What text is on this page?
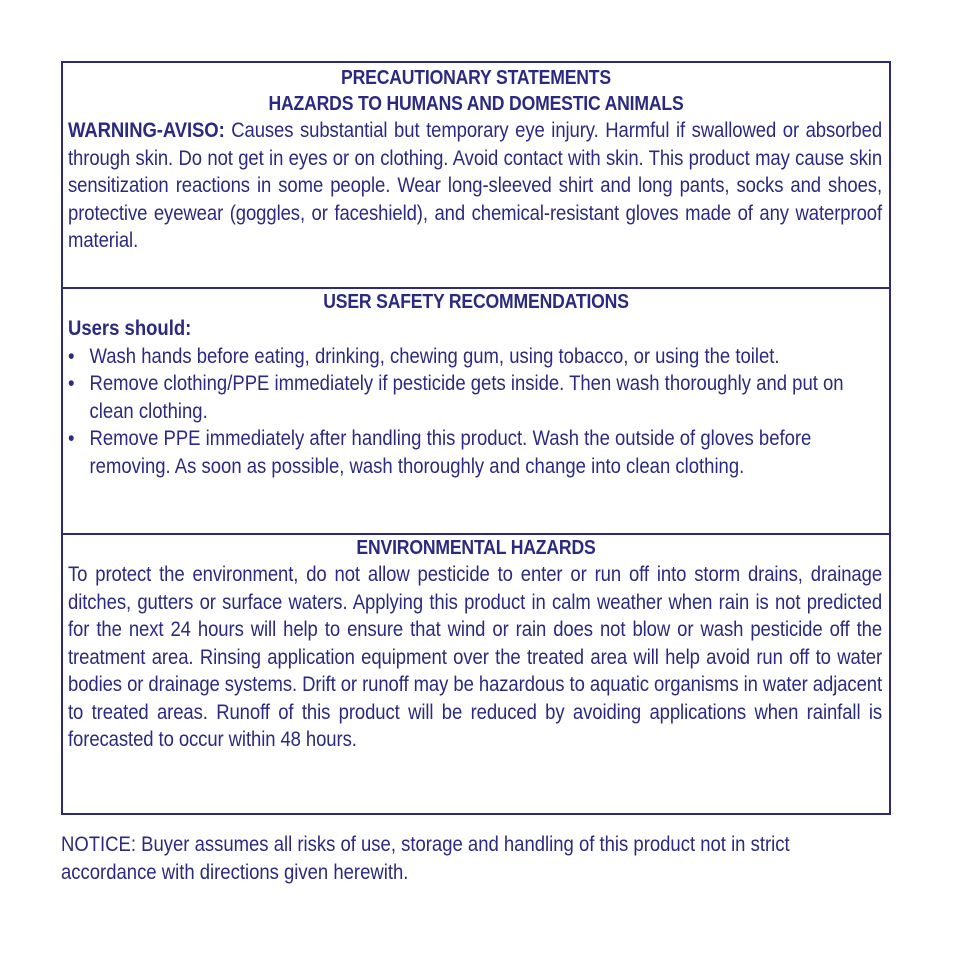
PRECAUTIONARY STATEMENTS
HAZARDS TO HUMANS AND DOMESTIC ANIMALS
WARNING-AVISO: Causes substantial but temporary eye injury. Harmful if swallowed or absorbed through skin. Do not get in eyes or on clothing. Avoid contact with skin. This product may cause skin sensitization reactions in some people. Wear long-sleeved shirt and long pants, socks and shoes, protective eyewear (goggles, or faceshield), and chemical-resistant gloves made of any waterproof material.
USER SAFETY RECOMMENDATIONS
Users should:
• Wash hands before eating, drinking, chewing gum, using tobacco, or using the toilet.
• Remove clothing/PPE immediately if pesticide gets inside. Then wash thoroughly and put on clean clothing.
• Remove PPE immediately after handling this product. Wash the outside of gloves before removing. As soon as possible, wash thoroughly and change into clean clothing.
ENVIRONMENTAL HAZARDS
To protect the environment, do not allow pesticide to enter or run off into storm drains, drainage ditches, gutters or surface waters. Applying this product in calm weather when rain is not predicted for the next 24 hours will help to ensure that wind or rain does not blow or wash pesticide off the treatment area. Rinsing application equipment over the treated area will help avoid run off to water bodies or drainage systems. Drift or runoff may be hazardous to aquatic organisms in water adjacent to treated areas. Runoff of this product will be reduced by avoiding applications when rainfall is forecasted to occur within 48 hours.
NOTICE: Buyer assumes all risks of use, storage and handling of this product not in strict accordance with directions given herewith.
